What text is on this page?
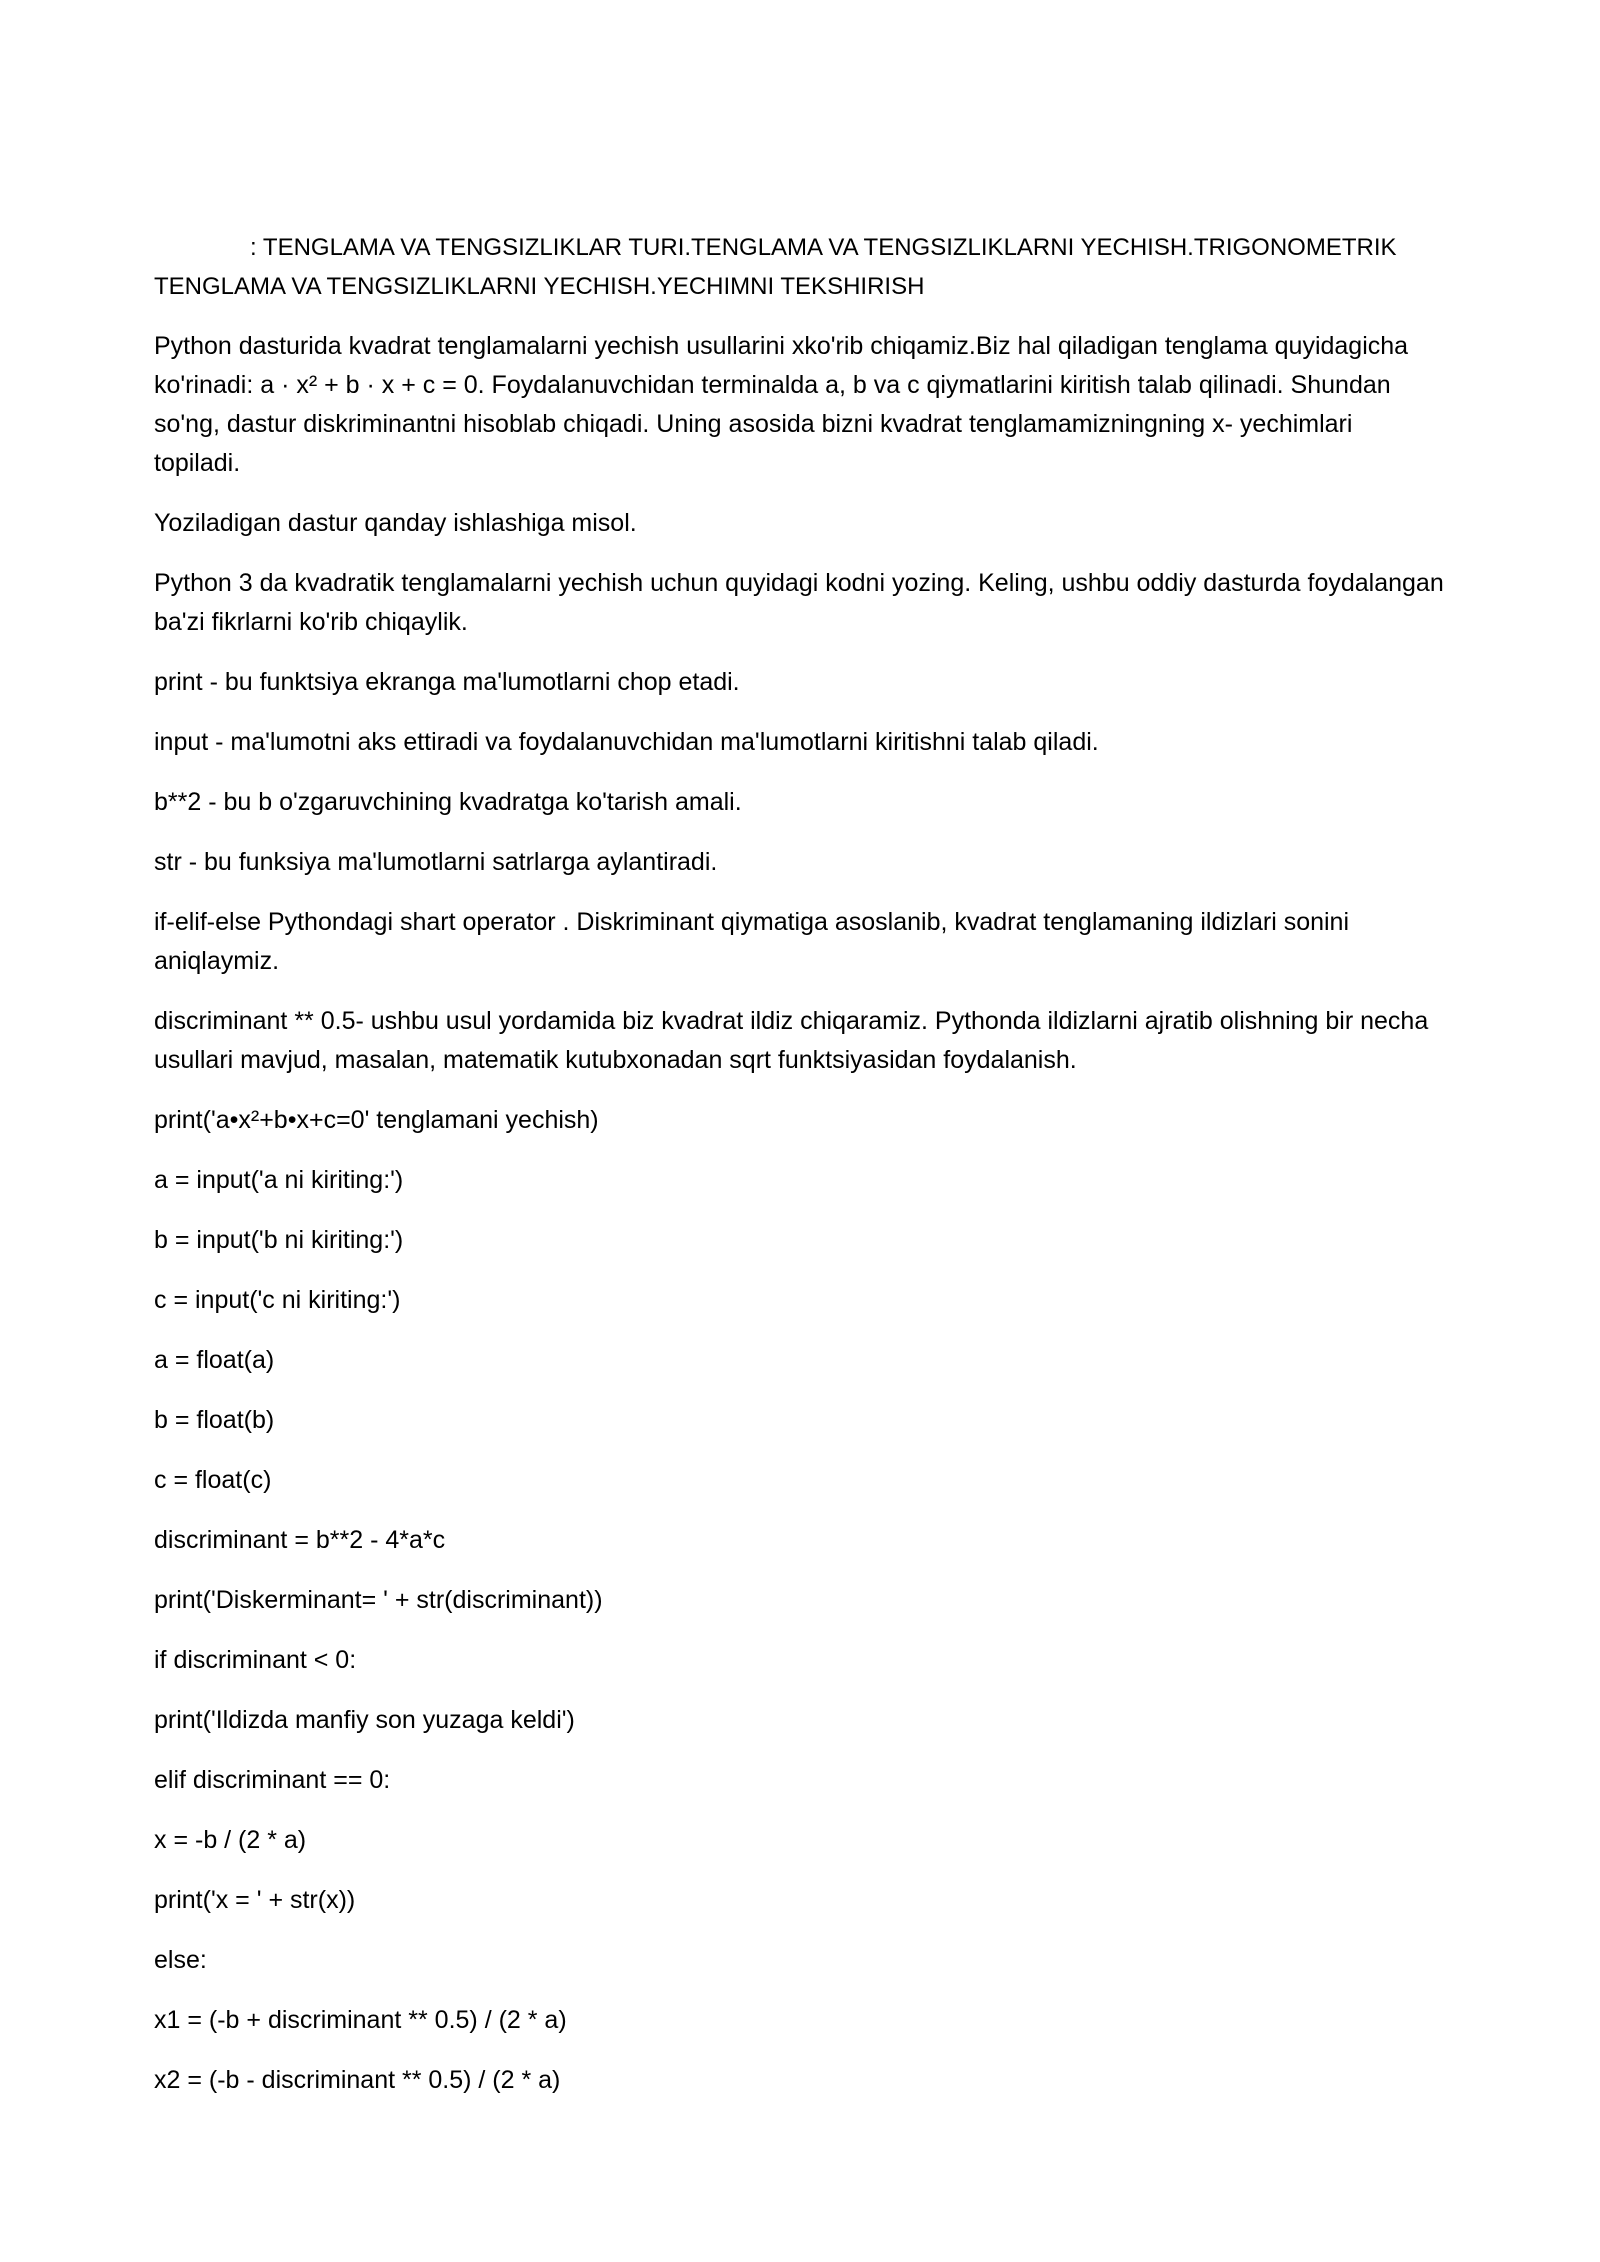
: TENGLAMA VA TENGSIZLIKLAR TURI.TENGLAMA VA TENGSIZLIKLARNI YECHISH.TRIGONOMETRIK TENGLAMA VA TENGSIZLIKLARNI YECHISH.YECHIMNI TEKSHIRISH

Python dasturida kvadrat tenglamalarni yechish usullarini xko'rib chiqamiz.Biz hal qiladigan tenglama quyidagicha ko'rinadi: a · x² + b · x + c = 0. Foydalanuvchidan terminalda a, b va c qiymatlarini kiritish talab qilinadi. Shundan so'ng, dastur diskriminantni hisoblab chiqadi. Uning asosida bizni kvadrat tenglamamizningning x- yechimlari topiladi.

Yoziladigan dastur qanday ishlashiga misol.

Python 3 da kvadratik tenglamalarni yechish uchun quyidagi kodni yozing. Keling, ushbu oddiy dasturda foydalangan ba'zi fikrlarni ko'rib chiqaylik.

print - bu funktsiya ekranga ma'lumotlarni chop etadi.

input - ma'lumotni aks ettiradi va foydalanuvchidan ma'lumotlarni kiritishni talab qiladi.

b**2 - bu b o'zgaruvchining kvadratga ko'tarish amali.

str - bu funksiya ma'lumotlarni satrlarga aylantiradi.

if-elif-else Pythondagi shart operator . Diskriminant qiymatiga asoslanib, kvadrat tenglamaning ildizlari sonini aniqlaymiz.

discriminant ** 0.5- ushbu usul yordamida biz kvadrat ildiz chiqaramiz. Pythonda ildizlarni ajratib olishning bir necha usullari mavjud, masalan, matematik kutubxonadan sqrt funktsiyasidan foydalanish.

print('a•x²+b•x+c=0' tenglamani yechish)

a = input('a ni kiriting:')

b = input('b ni kiriting:')

c = input('c ni kiriting:')

a = float(a)

b = float(b)

c = float(c)

discriminant = b**2 - 4*a*c

print('Diskerminant= ' + str(discriminant))

if discriminant < 0:

print('Ildizda manfiy son yuzaga keldi')

elif discriminant == 0:

x = -b / (2 * a)

print('x = ' + str(x))

else:

x1 = (-b + discriminant ** 0.5) / (2 * a)

x2 = (-b - discriminant ** 0.5) / (2 * a)
